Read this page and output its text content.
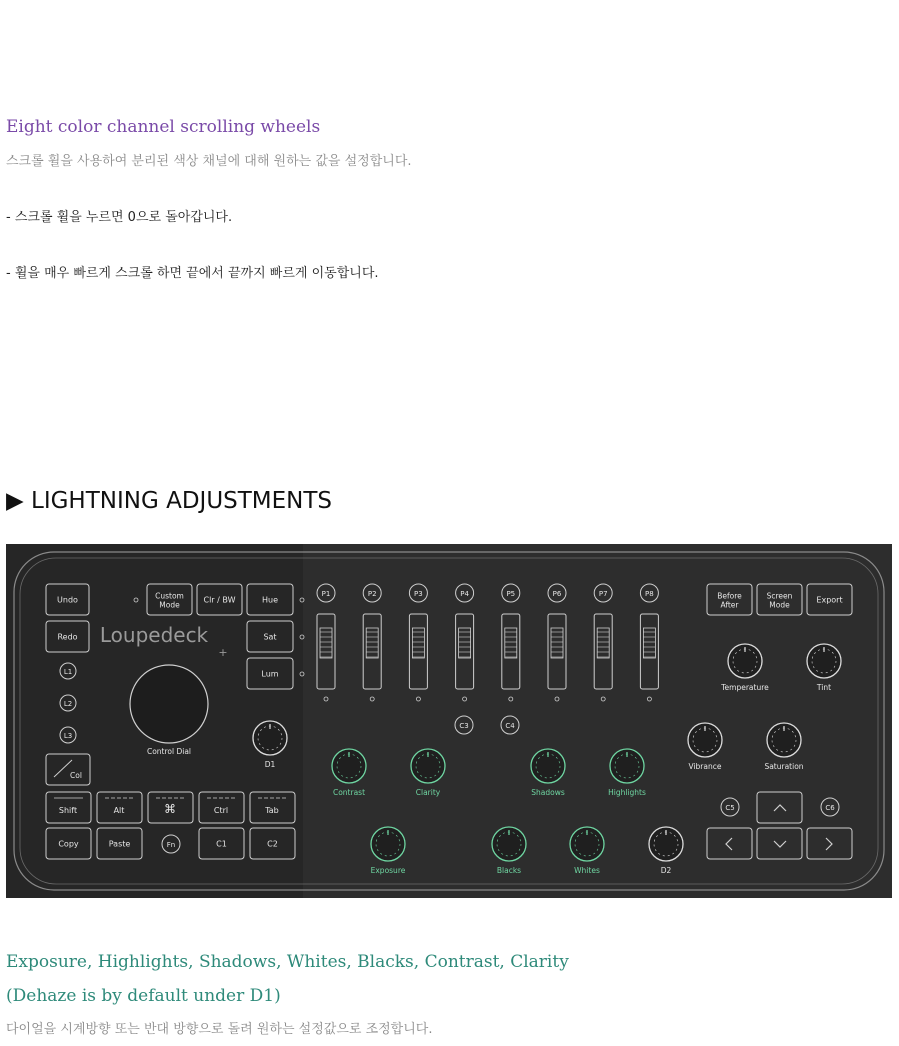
Eight color channel scrolling wheels
스크롤 휠을 사용하여 분리된 색상 채널에 대해 원하는 값을 설정합니다.
- 스크롤 휠을 누르면 0으로 돌아갑니다.
- 휠을 매우 빠르게 스크롤 하면 끝에서 끝까지 빠르게 이동합니다.
▶ LIGHTNING ADJUSTMENTS
Undo
Redo
L1
L2
L3
Col
Custom
Mode
Clr / BW
Loupedeck
+
Control Dial
Hue
Sat
Lum
D1
Shift	Alt	⌘	Ctrl	Tab
Copy	Paste	Fn	C1	C2
P1	P2	P3	P4	P5	P6	P7	P8
C3	C4
Contrast	Clarity	Shadows	Highlights
Exposure	Blacks	Whites	D2
Before
After
Screen
Mode
Export
Temperature	Tint
Vibrance	Saturation
C5	C6
Exposure, Highlights, Shadows, Whites, Blacks, Contrast, Clarity
(Dehaze is by default under D1)
다이얼을 시계방향 또는 반대 방향으로 돌려 원하는 설정값으로 조정합니다.
